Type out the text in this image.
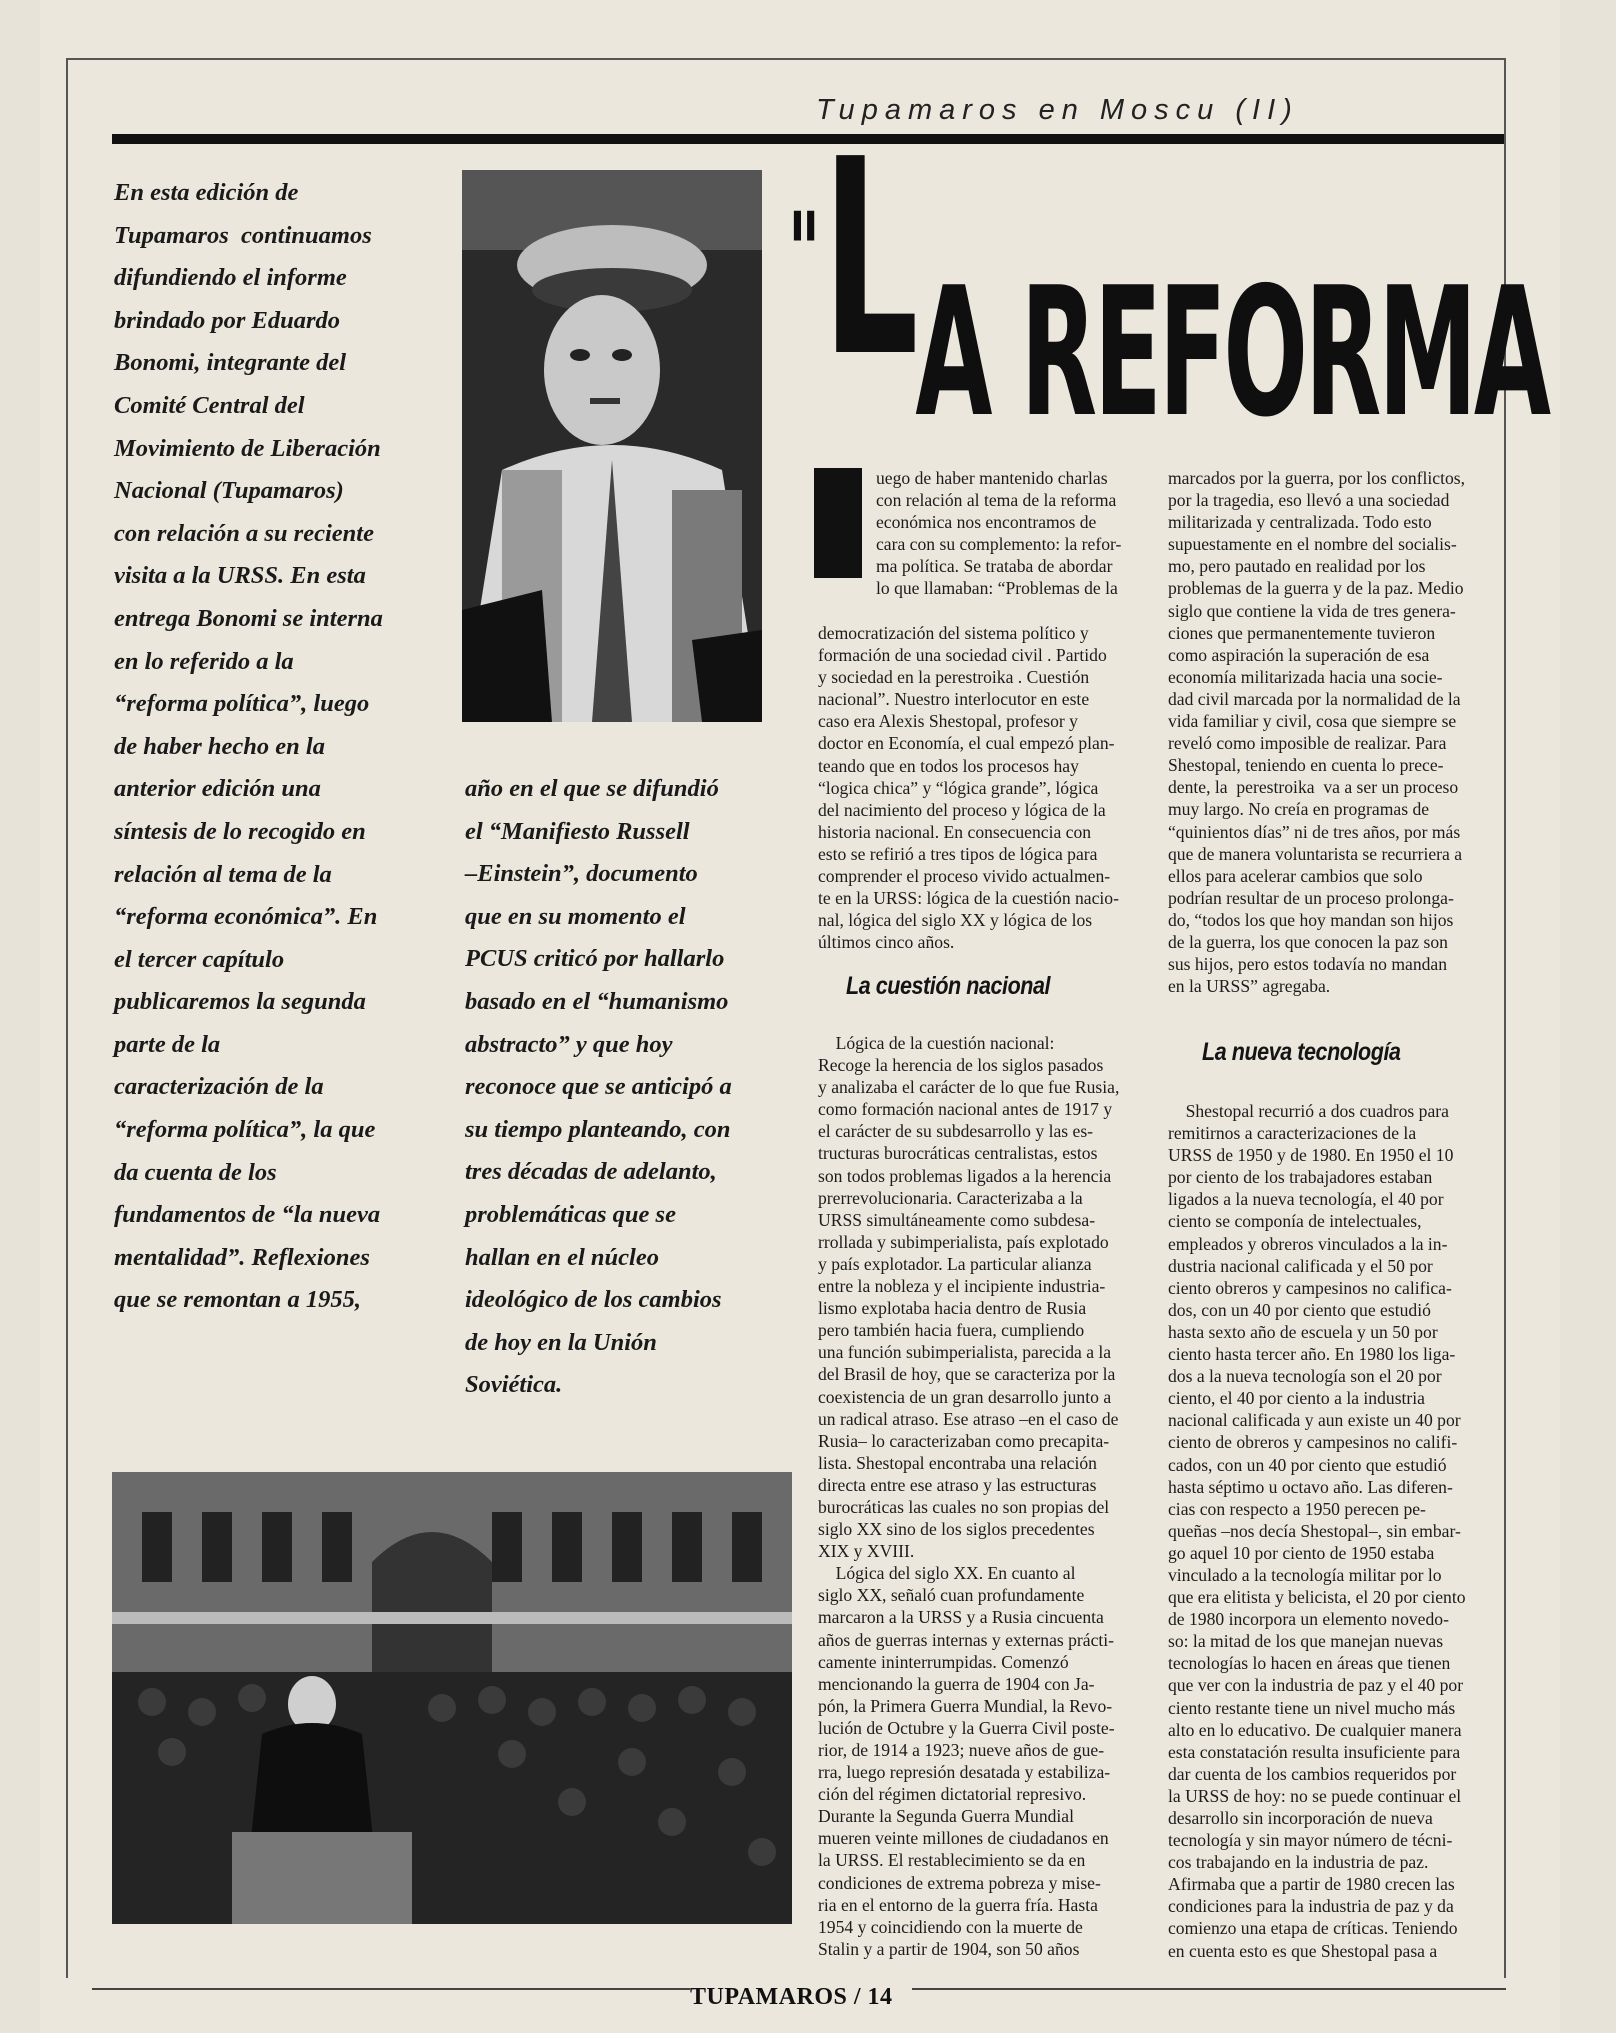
Tupamaros en Moscu (II)
En esta edición de
Tupamaros  continuamos
difundiendo el informe
brindado por Eduardo
Bonomi, integrante del
Comité Central del
Movimiento de Liberación
Nacional (Tupamaros)
con relación a su reciente
visita a la URSS. En esta
entrega Bonomi se interna
en lo referido a la
“reforma política”, luego
de haber hecho en la
anterior edición una
síntesis de lo recogido en
relación al tema de la
“reforma económica”. En
el tercer capítulo
publicaremos la segunda
parte de la
caracterización de la
“reforma política”, la que
da cuenta de los
fundamentos de “la nueva
mentalidad”. Reflexiones
que se remontan a 1955,
año en el que se difundió
el “Manifiesto Russell
–Einstein”, documento
que en su momento el
PCUS criticó por hallarlo
basado en el “humanismo
abstracto” y que hoy
reconoce que se anticipó a
su tiempo planteando, con
tres décadas de adelanto,
problemáticas que se
hallan en el núcleo
ideológico de los cambios
de hoy en la Unión
Soviética.
"LA REFORMA
uego de haber mantenido charlas
con relación al tema de la reforma
económica nos encontramos de
cara con su complemento: la refor-
ma política. Se trataba de abordar
lo que llamaban: “Problemas de la
democratización del sistema político y
formación de una sociedad civil . Partido
y sociedad en la perestroika . Cuestión
nacional”. Nuestro interlocutor en este
caso era Alexis Shestopal, profesor y
doctor en Economía, el cual empezó plan-
teando que en todos los procesos hay
“logica chica” y “lógica grande”, lógica
del nacimiento del proceso y lógica de la
historia nacional. En consecuencia con
esto se refirió a tres tipos de lógica para
comprender el proceso vivido actualmen-
te en la URSS: lógica de la cuestión nacio-
nal, lógica del siglo XX y lógica de los
últimos cinco años.
La cuestión nacional
Lógica de la cuestión nacional:
Recoge la herencia de los siglos pasados
y analizaba el carácter de lo que fue Rusia,
como formación nacional antes de 1917 y
el carácter de su subdesarrollo y las es-
tructuras burocráticas centralistas, estos
son todos problemas ligados a la herencia
prerrevolucionaria. Caracterizaba a la
URSS simultáneamente como subdesa-
rrollada y subimperialista, país explotado
y país explotador. La particular alianza
entre la nobleza y el incipiente industria-
lismo explotaba hacia dentro de Rusia
pero también hacia fuera, cumpliendo
una función subimperialista, parecida a la
del Brasil de hoy, que se caracteriza por la
coexistencia de un gran desarrollo junto a
un radical atraso. Ese atraso –en el caso de
Rusia– lo caracterizaban como precapita-
lista. Shestopal encontraba una relación
directa entre ese atraso y las estructuras
burocráticas las cuales no son propias del
siglo XX sino de los siglos precedentes
XIX y XVIII.
Lógica del siglo XX. En cuanto al
siglo XX, señaló cuan profundamente
marcaron a la URSS y a Rusia cincuenta
años de guerras internas y externas prácti-
camente ininterrumpidas. Comenzó
mencionando la guerra de 1904 con Ja-
pón, la Primera Guerra Mundial, la Revo-
lución de Octubre y la Guerra Civil poste-
rior, de 1914 a 1923; nueve años de gue-
rra, luego represión desatada y estabiliza-
ción del régimen dictatorial represivo.
Durante la Segunda Guerra Mundial
mueren veinte millones de ciudadanos en
la URSS. El restablecimiento se da en
condiciones de extrema pobreza y mise-
ria en el entorno de la guerra fría. Hasta
1954 y coincidiendo con la muerte de
Stalin y a partir de 1904, son 50 años
marcados por la guerra, por los conflictos,
por la tragedia, eso llevó a una sociedad
militarizada y centralizada. Todo esto
supuestamente en el nombre del socialis-
mo, pero pautado en realidad por los
problemas de la guerra y de la paz. Medio
siglo que contiene la vida de tres genera-
ciones que permanentemente tuvieron
como aspiración la superación de esa
economía militarizada hacia una socie-
dad civil marcada por la normalidad de la
vida familiar y civil, cosa que siempre se
reveló como imposible de realizar. Para
Shestopal, teniendo en cuenta lo prece-
dente, la  perestroika  va a ser un proceso
muy largo. No creía en programas de
“quinientos días” ni de tres años, por más
que de manera voluntarista se recurriera a
ellos para acelerar cambios que solo
podrían resultar de un proceso prolonga-
do, “todos los que hoy mandan son hijos
de la guerra, los que conocen la paz son
sus hijos, pero estos todavía no mandan
en la URSS” agregaba.
La nueva tecnología
Shestopal recurrió a dos cuadros para
remitirnos a caracterizaciones de la
URSS de 1950 y de 1980. En 1950 el 10
por ciento de los trabajadores estaban
ligados a la nueva tecnología, el 40 por
ciento se componía de intelectuales,
empleados y obreros vinculados a la in-
dustria nacional calificada y el 50 por
ciento obreros y campesinos no califica-
dos, con un 40 por ciento que estudió
hasta sexto año de escuela y un 50 por
ciento hasta tercer año. En 1980 los liga-
dos a la nueva tecnología son el 20 por
ciento, el 40 por ciento a la industria
nacional calificada y aun existe un 40 por
ciento de obreros y campesinos no califi-
cados, con un 40 por ciento que estudió
hasta séptimo u octavo año. Las diferen-
cias con respecto a 1950 perecen pe-
queñas –nos decía Shestopal–, sin embar-
go aquel 10 por ciento de 1950 estaba
vinculado a la tecnología militar por lo
que era elitista y belicista, el 20 por ciento
de 1980 incorpora un elemento novedo-
so: la mitad de los que manejan nuevas
tecnologías lo hacen en áreas que tienen
que ver con la industria de paz y el 40 por
ciento restante tiene un nivel mucho más
alto en lo educativo. De cualquier manera
esta constatación resulta insuficiente para
dar cuenta de los cambios requeridos por
la URSS de hoy: no se puede continuar el
desarrollo sin incorporación de nueva
tecnología y sin mayor número de técni-
cos trabajando en la industria de paz.
Afirmaba que a partir de 1980 crecen las
condiciones para la industria de paz y da
comienzo una etapa de críticas. Teniendo
en cuenta esto es que Shestopal pasa a
TUPAMAROS / 14
